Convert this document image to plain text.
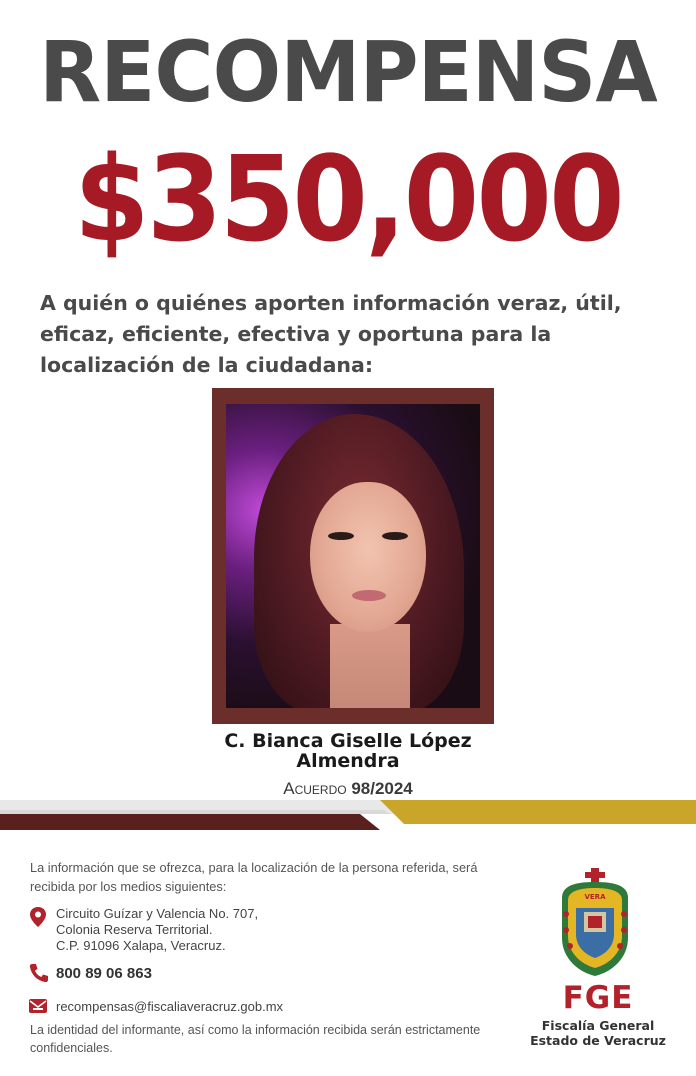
RECOMPENSA
$350,000
A quién o quiénes aporten información veraz, útil, eficaz, eficiente, efectiva y oportuna para la localización de la ciudadana:
C. Bianca Giselle López
Almendra
Acuerdo 98/2024
La información que se ofrezca, para la localización de la persona referida, será recibida por los medios siguientes:
Circuito Guízar y Valencia No. 707,
Colonia Reserva Territorial.
C.P. 91096 Xalapa, Veracruz.
800 89 06 863
recompensas@fiscaliaveracruz.gob.mx
La identidad del informante, así como la información recibida serán estrictamente confidenciales.
VERA
FGE
Fiscalía General
Estado de Veracruz
